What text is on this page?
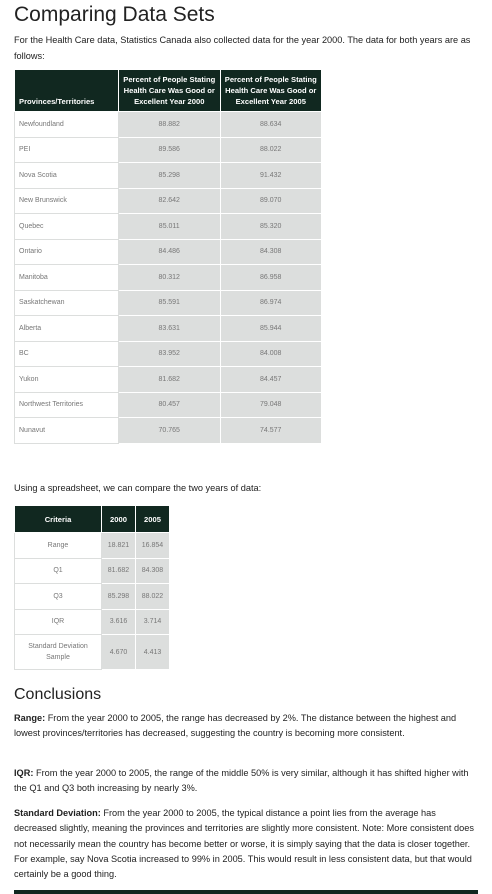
Comparing Data Sets
For the Health Care data, Statistics Canada also collected data for the year 2000. The data for both years are as follows:
Provinces/Territories	Percent of People Stating Health Care Was Good or Excellent Year 2000	Percent of People Stating Health Care Was Good or Excellent Year 2005
Newfoundland	88.882	88.634
PEI	89.586	88.022
Nova Scotia	85.298	91.432
New Brunswick	82.642	89.070
Quebec	85.011	85.320
Ontario	84.486	84.308
Manitoba	80.312	86.958
Saskatchewan	85.591	86.974
Alberta	83.631	85.944
BC	83.952	84.008
Yukon	81.682	84.457
Northwest Territories	80.457	79.048
Nunavut	70.765	74.577
Using a spreadsheet, we can compare the two years of data:
Criteria	2000	2005
Range	18.821	16.854
Q1	81.682	84.308
Q3	85.298	88.022
IQR	3.616	3.714
Standard Deviation Sample	4.670	4.413
Conclusions
Range: From the year 2000 to 2005, the range has decreased by 2%. The distance between the highest and lowest provinces/territories has decreased, suggesting the country is becoming more consistent.
IQR: From the year 2000 to 2005, the range of the middle 50% is very similar, although it has shifted higher with the Q1 and Q3 both increasing by nearly 3%.
Standard Deviation: From the year 2000 to 2005, the typical distance a point lies from the average has decreased slightly, meaning the provinces and territories are slightly more consistent. Note: More consistent does not necessarily mean the country has become better or worse, it is simply saying that the data is closer together. For example, say Nova Scotia increased to 99% in 2005. This would result in less consistent data, but that would certainly be a good thing.
